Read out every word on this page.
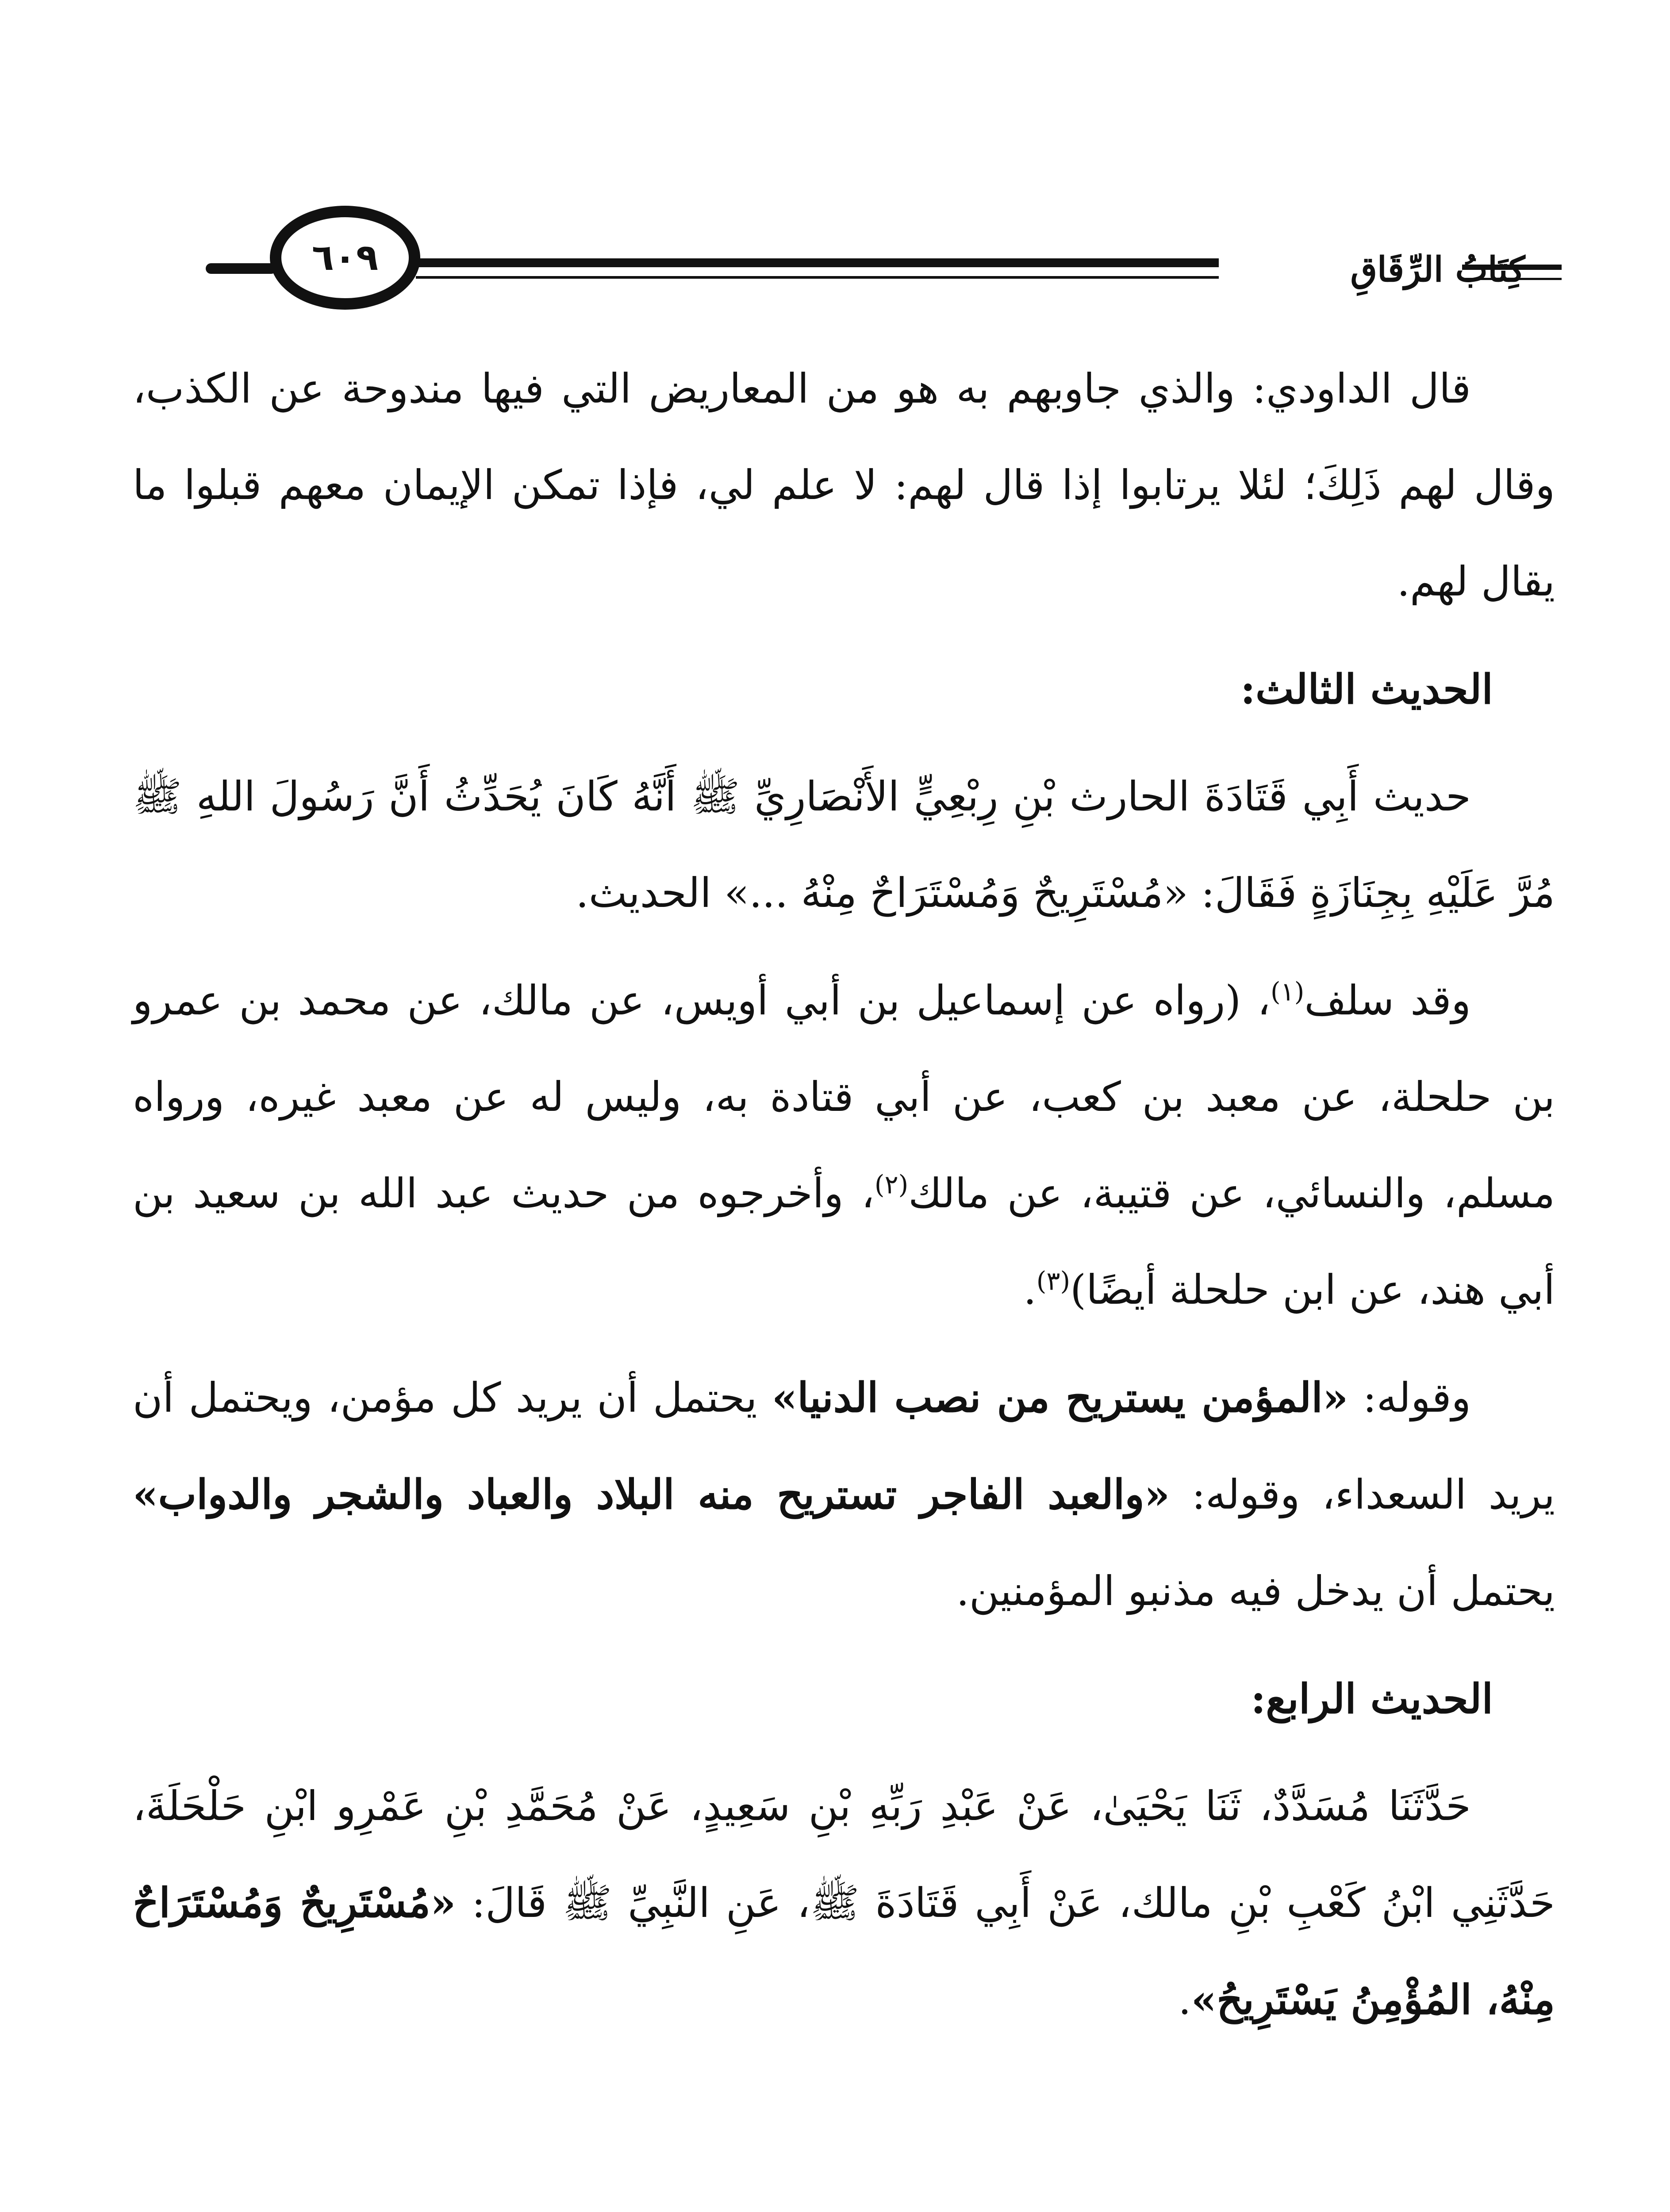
كِتَابُ الرِّقَاقِ
٦٠٩

قال الداودي: والذي جاوبهم به هو من المعاريض التي فيها مندوحة عن الكذب، وقال لهم ذَلِكَ؛ لئلا يرتابوا إذا قال لهم: لا علم لي، فإذا تمكن الإيمان معهم قبلوا ما يقال لهم.

الحديث الثالث:

حديث أَبِي قَتَادَةَ الحارث بْنِ رِبْعِيٍّ الأَنْصَارِيِّ ﷺ أَنَّهُ كَانَ يُحَدِّثُ أَنَّ رَسُولَ اللهِ ﷺ مُرَّ عَلَيْهِ بِجِنَازَةٍ فَقَالَ: «مُسْتَرِيحٌ وَمُسْتَرَاحٌ مِنْهُ ...» الحديث.

وقد سلف$^{(١)}$، (رواه عن إسماعيل بن أبي أويس، عن مالك، عن محمد بن عمرو بن حلحلة، عن معبد بن كعب، عن أبي قتادة به، وليس له عن معبد غيره، ورواه مسلم، والنسائي، عن قتيبة، عن مالك$^{(٢)}$، وأخرجوه من حديث عبد الله بن سعيد بن أبي هند، عن ابن حلحلة أيضًا)$^{(٣)}$.

وقوله: «المؤمن يستريح من نصب الدنيا» يحتمل أن يريد كل مؤمن، ويحتمل أن يريد السعداء، وقوله: «والعبد الفاجر تستريح منه البلاد والعباد والشجر والدواب» يحتمل أن يدخل فيه مذنبو المؤمنين.

الحديث الرابع:

حَدَّثَنَا مُسَدَّدٌ، ثَنَا يَحْيَىٰ، عَنْ عَبْدِ رَبِّهِ بْنِ سَعِيدٍ، عَنْ مُحَمَّدِ بْنِ عَمْرِو ابْنِ حَلْحَلَةَ، حَدَّثَنِي ابْنُ كَعْبِ بْنِ مالك، عَنْ أَبِي قَتَادَةَ ﷺ، عَنِ النَّبِيِّ ﷺ قَالَ: «مُسْتَرِيحٌ وَمُسْتَرَاحٌ مِنْهُ، المُؤْمِنُ يَسْتَرِيحُ».
